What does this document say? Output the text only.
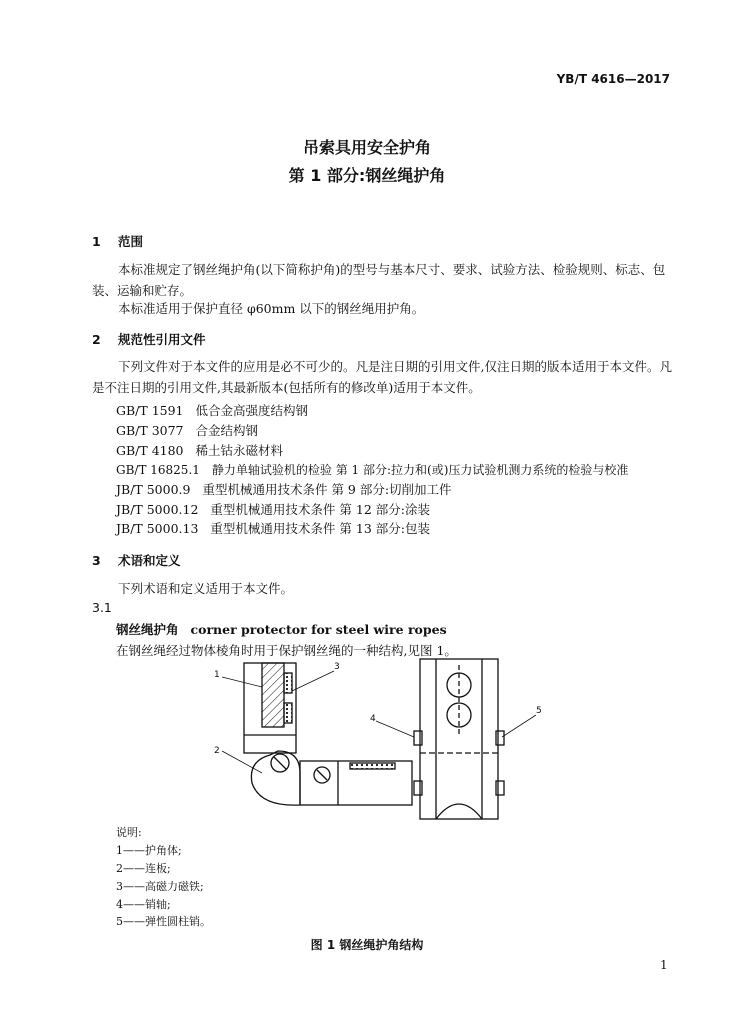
YB/T 4616—2017
吊索具用安全护角
第 1 部分:钢丝绳护角
1 范围
本标准规定了钢丝绳护角(以下简称护角)的型号与基本尺寸、要求、试验方法、检验规则、标志、包装、运输和贮存。
本标准适用于保护直径 φ60mm 以下的钢丝绳用护角。
2 规范性引用文件
下列文件对于本文件的应用是必不可少的。凡是注日期的引用文件,仅注日期的版本适用于本文件。凡是不注日期的引用文件,其最新版本(包括所有的修改单)适用于本文件。
GB/T 1591 低合金高强度结构钢
GB/T 3077 合金结构钢
GB/T 4180 稀土钴永磁材料
GB/T 16825.1 静力单轴试验机的检验 第 1 部分:拉力和(或)压力试验机测力系统的检验与校准
JB/T 5000.9 重型机械通用技术条件 第 9 部分:切削加工件
JB/T 5000.12 重型机械通用技术条件 第 12 部分:涂装
JB/T 5000.13 重型机械通用技术条件 第 13 部分:包装
3 术语和定义
下列术语和定义适用于本文件。
3.1
钢丝绳护角 corner protector for steel wire ropes
在钢丝绳经过物体棱角时用于保护钢丝绳的一种结构,见图 1。
1
2
3
4
5
说明:
1——护角体;
2——连板;
3——高磁力磁铁;
4——销轴;
5——弹性圆柱销。
图 1 钢丝绳护角结构
1
